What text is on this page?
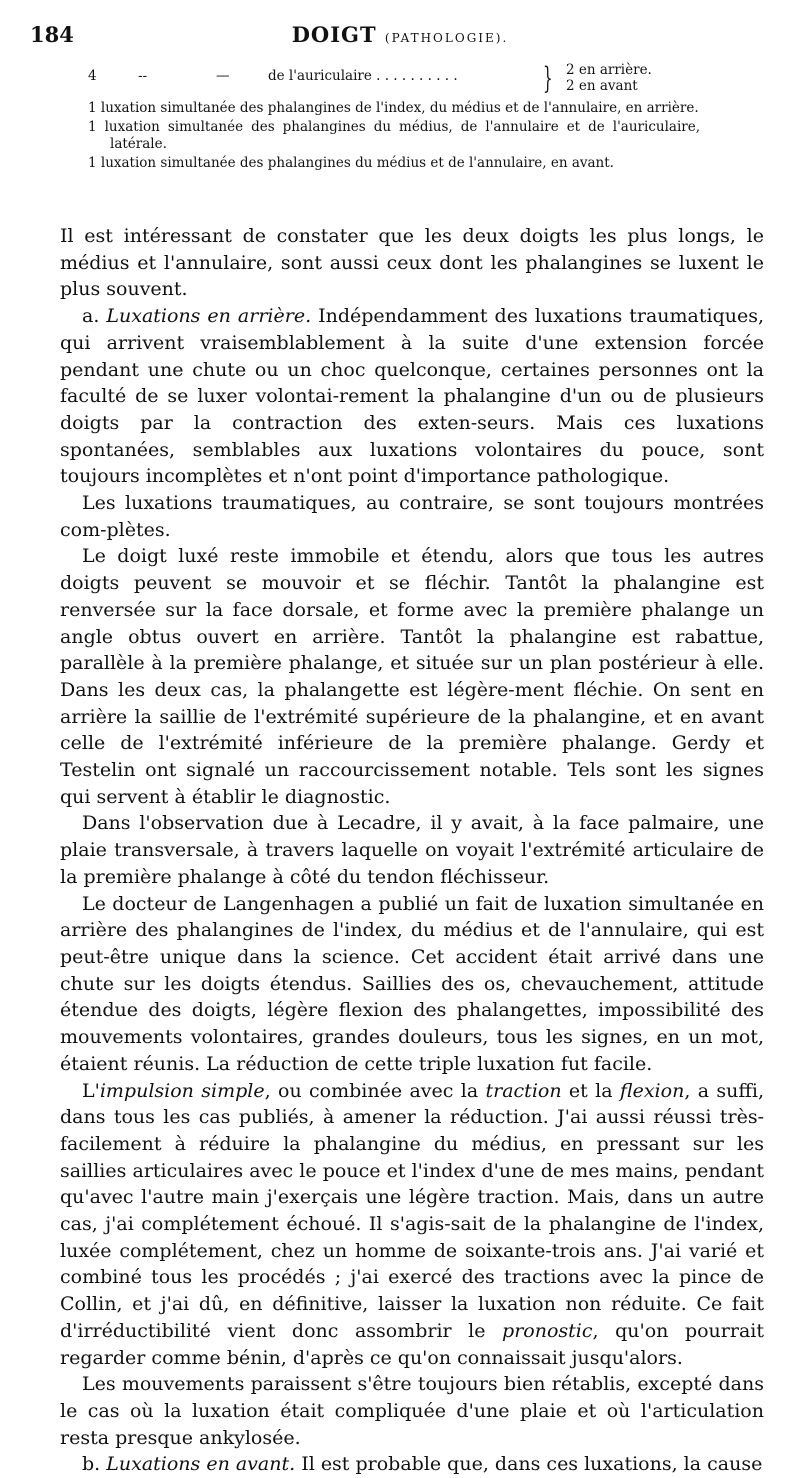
184	DOIGT (PATHOLOGIE).
4	--	—	de l'auriculaire . . . . . . . . . .	} 2 en arrière.
2 en avant
1 luxation simultanée des phalangines de l'index, du médius et de l'annulaire, en arrière.
1 luxation simultanée des phalangines du médius, de l'annulaire et de l'auriculaire, latérale.
1 luxation simultanée des phalangines du médius et de l'annulaire, en avant.

Il est intéressant de constater que les deux doigts les plus longs, le médius et l'annulaire, sont aussi ceux dont les phalangines se luxent le plus souvent.

a. Luxations en arrière. Indépendamment des luxations traumatiques, qui arrivent vraisemblablement à la suite d'une extension forcée pendant une chute ou un choc quelconque, certaines personnes ont la faculté de se luxer volontai-rement la phalangine d'un ou de plusieurs doigts par la contraction des exten-seurs. Mais ces luxations spontanées, semblables aux luxations volontaires du pouce, sont toujours incomplètes et n'ont point d'importance pathologique.

Les luxations traumatiques, au contraire, se sont toujours montrées com-plètes.

Le doigt luxé reste immobile et étendu, alors que tous les autres doigts peuvent se mouvoir et se fléchir. Tantôt la phalangine est renversée sur la face dorsale, et forme avec la première phalange un angle obtus ouvert en arrière. Tantôt la phalangine est rabattue, parallèle à la première phalange, et située sur un plan postérieur à elle. Dans les deux cas, la phalangette est légère-ment fléchie. On sent en arrière la saillie de l'extrémité supérieure de la phalangine, et en avant celle de l'extrémité inférieure de la première phalange. Gerdy et Testelin ont signalé un raccourcissement notable. Tels sont les signes qui servent à établir le diagnostic.

Dans l'observation due à Lecadre, il y avait, à la face palmaire, une plaie transversale, à travers laquelle on voyait l'extrémité articulaire de la première phalange à côté du tendon fléchisseur.

Le docteur de Langenhagen a publié un fait de luxation simultanée en arrière des phalangines de l'index, du médius et de l'annulaire, qui est peut-être unique dans la science. Cet accident était arrivé dans une chute sur les doigts étendus. Saillies des os, chevauchement, attitude étendue des doigts, légère flexion des phalangettes, impossibilité des mouvements volontaires, grandes douleurs, tous les signes, en un mot, étaient réunis. La réduction de cette triple luxation fut facile.

L'impulsion simple, ou combinée avec la traction et la flexion, a suffi, dans tous les cas publiés, à amener la réduction. J'ai aussi réussi très-facilement à réduire la phalangine du médius, en pressant sur les saillies articulaires avec le pouce et l'index d'une de mes mains, pendant qu'avec l'autre main j'exerçais une légère traction. Mais, dans un autre cas, j'ai complétement échoué. Il s'agis-sait de la phalangine de l'index, luxée complétement, chez un homme de soixante-trois ans. J'ai varié et combiné tous les procédés ; j'ai exercé des tractions avec la pince de Collin, et j'ai dû, en définitive, laisser la luxation non réduite. Ce fait d'irréductibilité vient donc assombrir le pronostic, qu'on pourrait regarder comme bénin, d'après ce qu'on connaissait jusqu'alors.

Les mouvements paraissent s'être toujours bien rétablis, excepté dans le cas où la luxation était compliquée d'une plaie et où l'articulation resta presque ankylosée.

b. Luxations en avant. Il est probable que, dans ces luxations, la cause
